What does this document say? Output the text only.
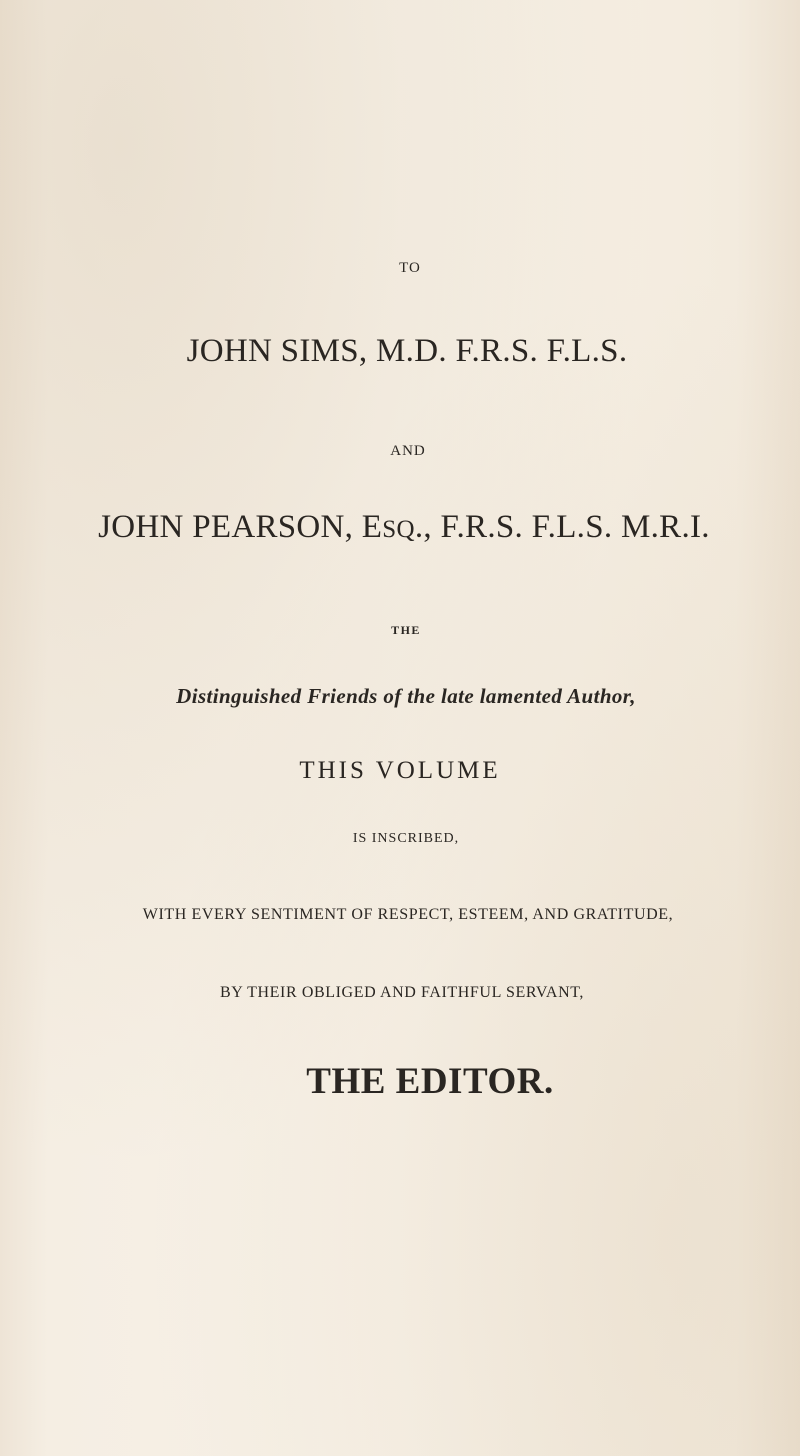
TO
JOHN SIMS, M.D. F.R.S. F.L.S.
AND
JOHN PEARSON, ESQ., F.R.S. F.L.S. M.R.I.
THE
Distinguished Friends of the late lamented Author,
THIS VOLUME
IS INSCRIBED,
WITH EVERY SENTIMENT OF RESPECT, ESTEEM, AND GRATITUDE,
BY THEIR OBLIGED AND FAITHFUL SERVANT,
THE EDITOR.
